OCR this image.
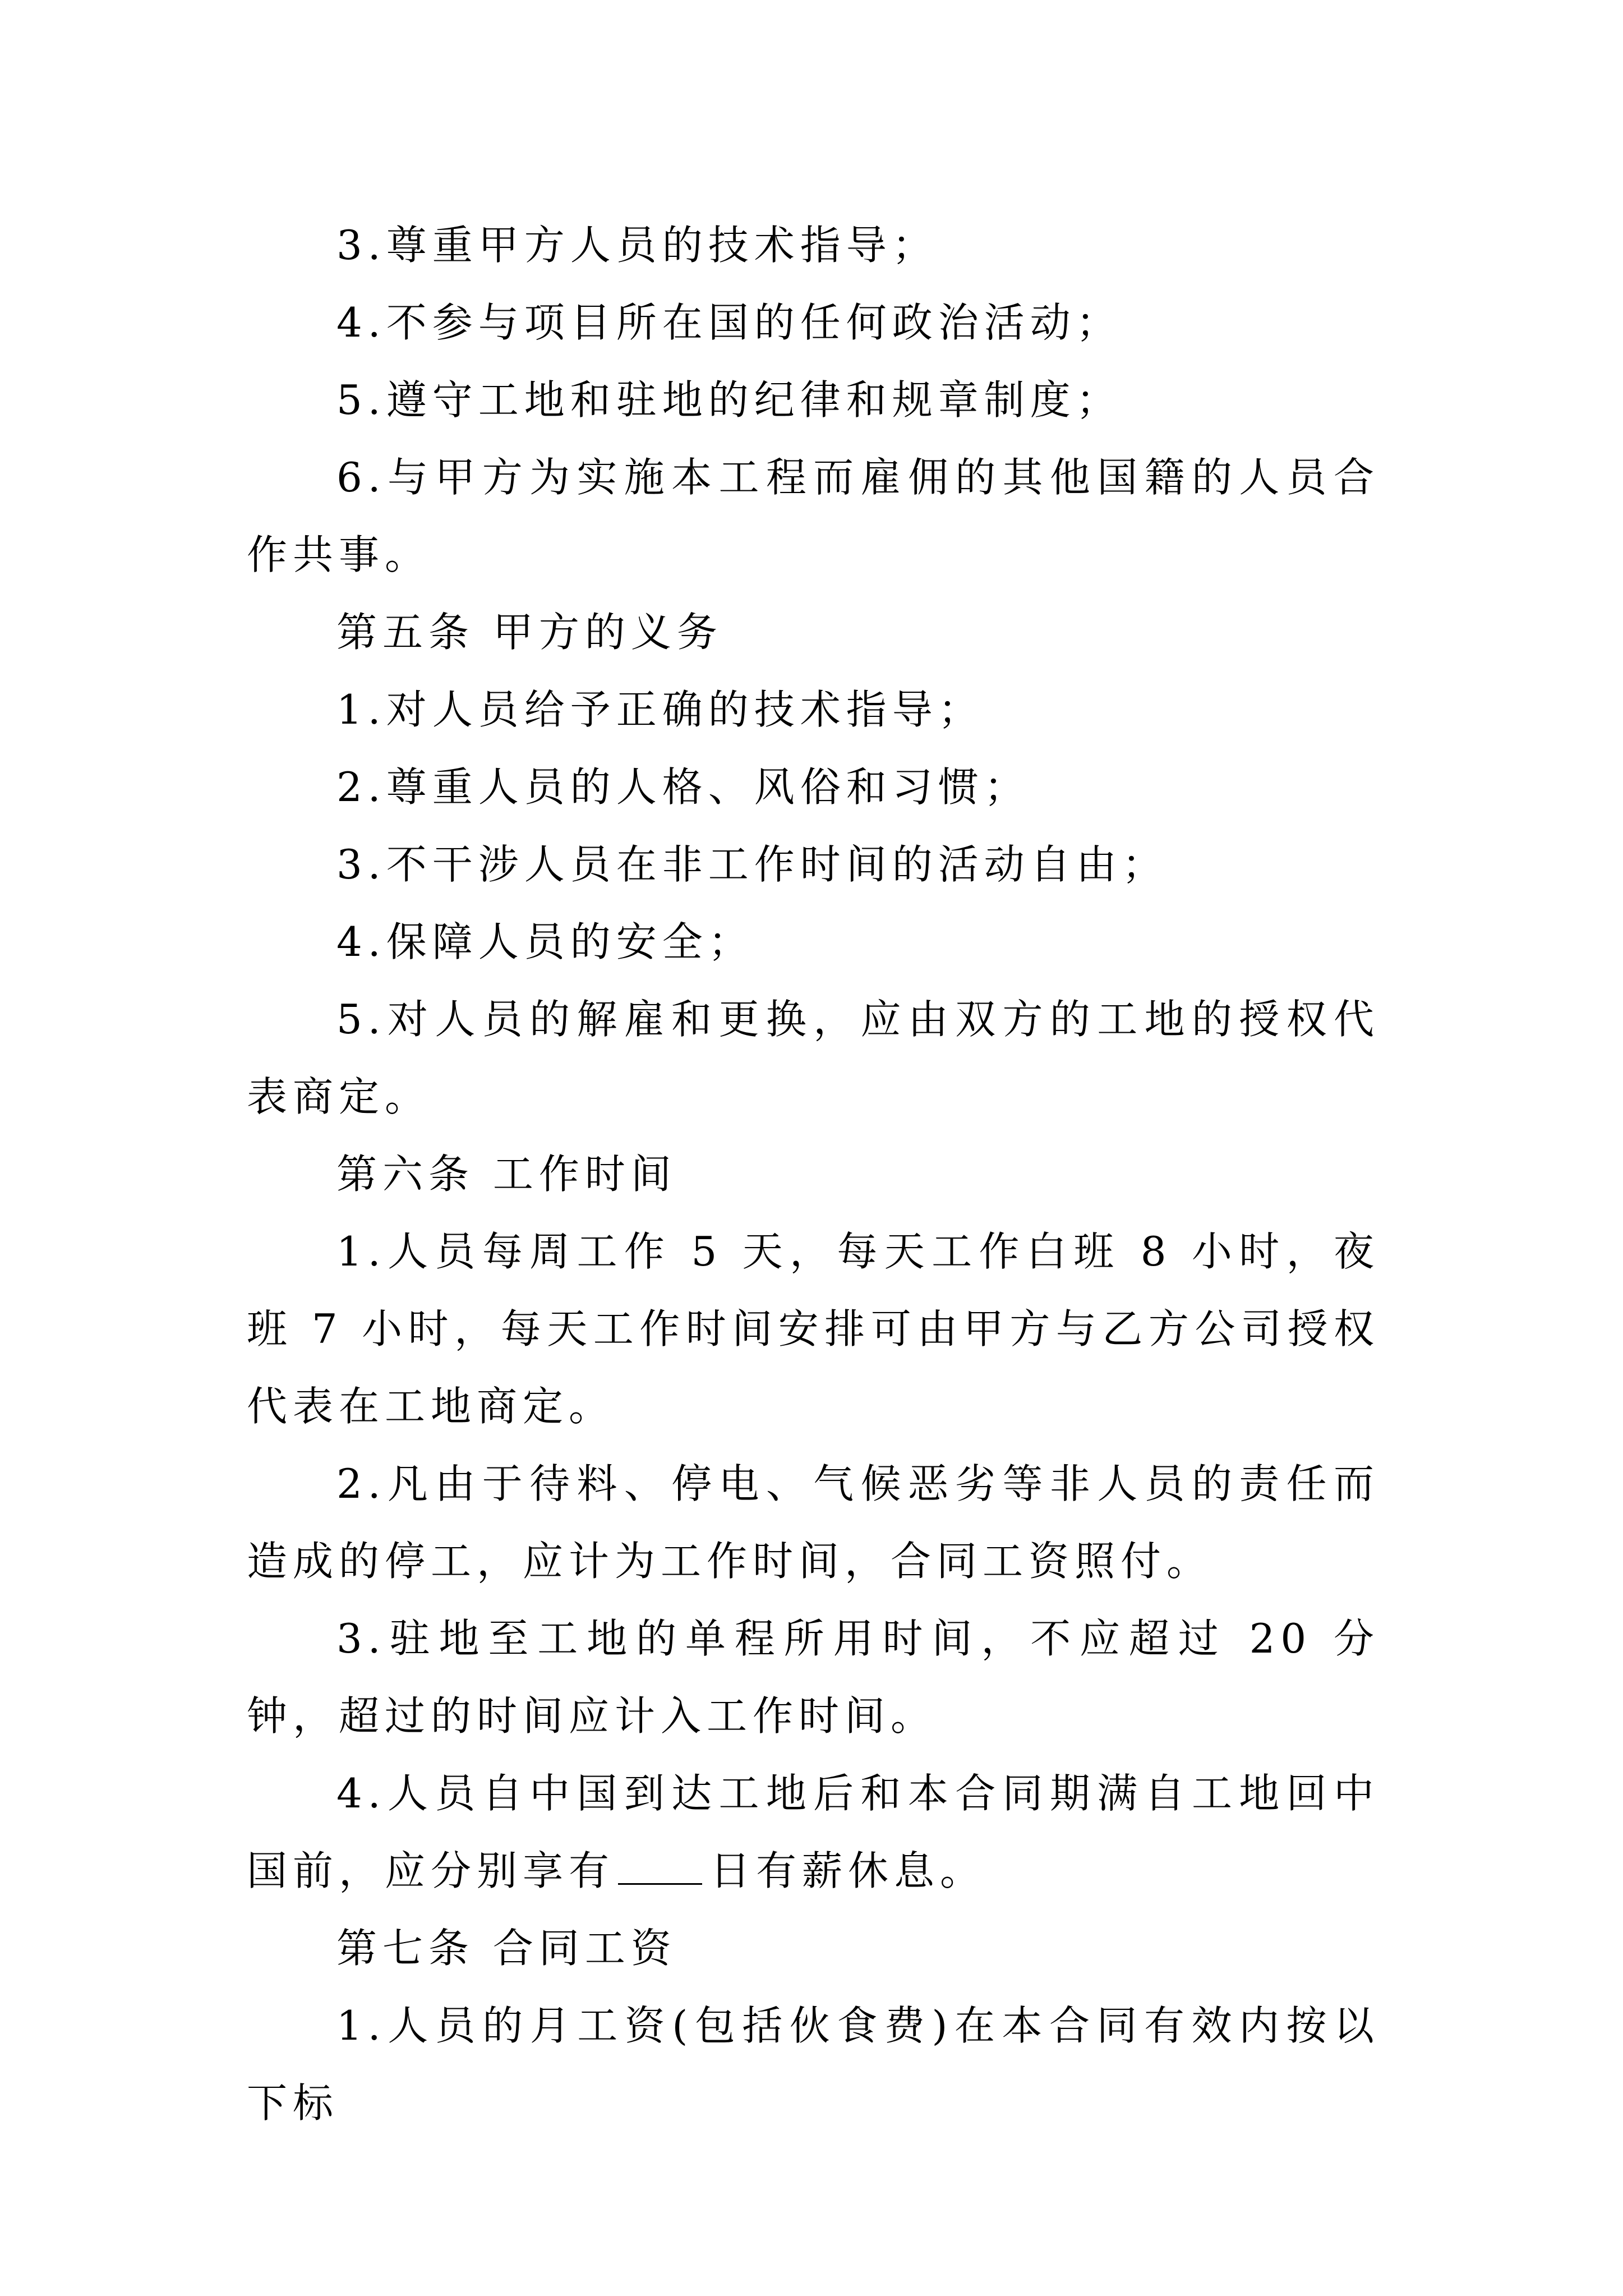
3.尊重甲方人员的技术指导；

4.不参与项目所在国的任何政治活动；

5.遵守工地和驻地的纪律和规章制度；

6.与甲方为实施本工程而雇佣的其他国籍的人员合作共事。

第五条 甲方的义务

1.对人员给予正确的技术指导；

2.尊重人员的人格、风俗和习惯；

3.不干涉人员在非工作时间的活动自由；

4.保障人员的安全；

5.对人员的解雇和更换，应由双方的工地的授权代表商定。

第六条 工作时间

1.人员每周工作 5 天，每天工作白班 8 小时，夜班 7 小时，每天工作时间安排可由甲方与乙方公司授权代表在工地商定。

2.凡由于待料、停电、气候恶劣等非人员的责任而造成的停工，应计为工作时间，合同工资照付。

3.驻地至工地的单程所用时间，不应超过 20 分钟，超过的时间应计入工作时间。

4.人员自中国到达工地后和本合同期满自工地回中国前，应分别享有 日有薪休息。

第七条 合同工资

1.人员的月工资(包括伙食费)在本合同有效内按以下标
